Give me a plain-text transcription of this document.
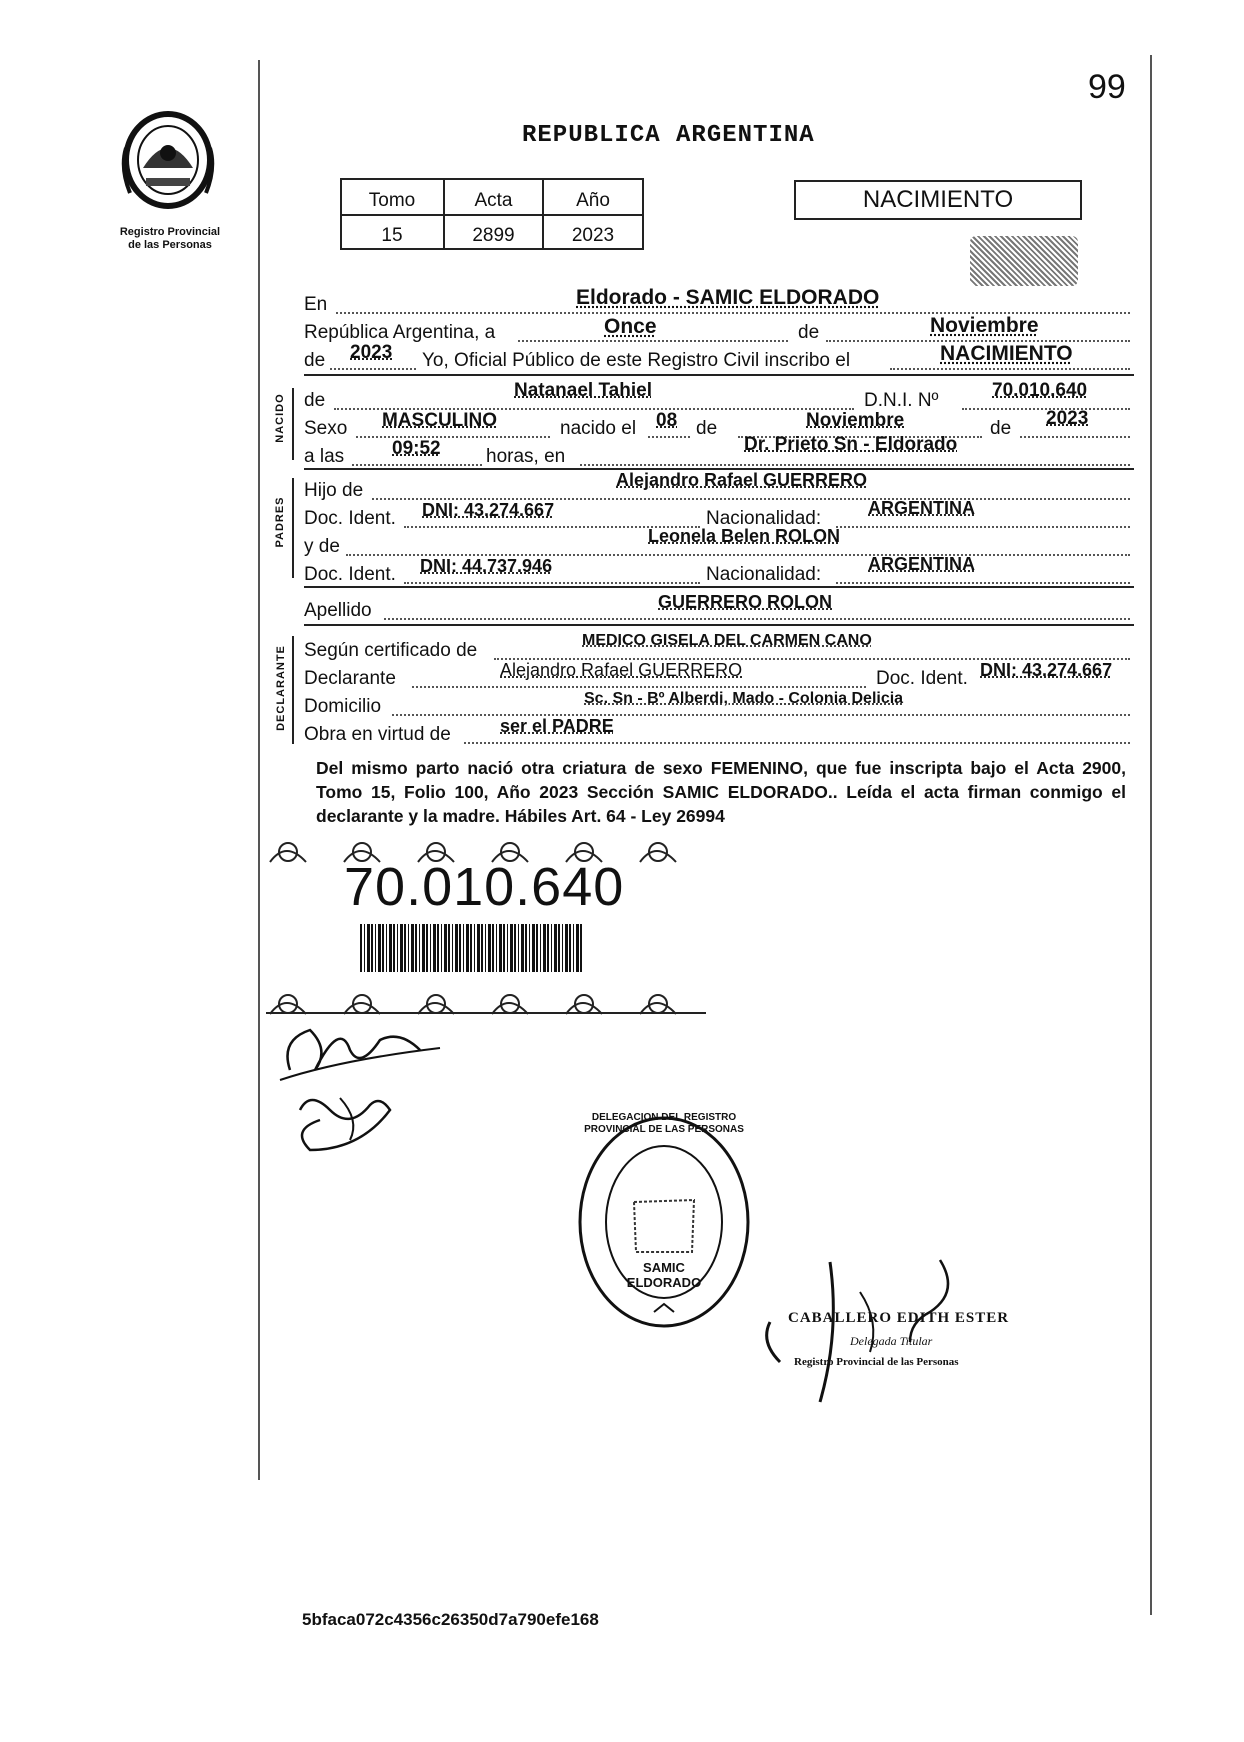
99
Registro Provincial
de las Personas
REPUBLICA ARGENTINA
Tomo	Acta	Año
15	2899	2023
NACIMIENTO
En	Eldorado - SAMIC ELDORADO
República Argentina, a	Once	de	Noviembre
de 2023 Yo, Oficial Público de este Registro Civil inscribo el	NACIMIENTO
NACIDO de	Natanael Tahiel	D.N.I. Nº	70.010.640
Sexo MASCULINO	nacido el 08 de	Noviembre	de 2023
a las	09:52 horas, en
Dr. Prieto Sn - Eldorado
PADRES
Hijo de	Alejandro Rafael GUERRERO
Doc. Ident. DNI: 43.274.667	Nacionalidad:	ARGENTINA
y de	Leonela Belen ROLON
Doc. Ident. DNI: 44.737.946	Nacionalidad:	ARGENTINA
Apellido	GUERRERO ROLON
DECLARANTE Según certificado de	MEDICO GISELA DEL CARMEN CANO
Declarante	Alejandro Rafael GUERRERO	Doc. Ident. DNI: 43.274.667
Domicilio	Sc. Sn - Bº Alberdi, Mado - Colonia Delicia
Obra en virtud de	ser el PADRE
Del mismo parto nació otra criatura de sexo FEMENINO, que fue inscripta bajo el Acta 2900, Tomo 15, Folio 100, Año 2023 Sección SAMIC ELDORADO.. Leída el acta firman conmigo el declarante y la madre. Hábiles Art. 64 - Ley 26994
70.010.640
DELEGACION DEL REGISTRO PROVINCIAL DE LAS PERSONAS
SAMIC ELDORADO
CABALLERO EDITH ESTER
Delegada Titular
Registro Provincial de las Personas
5bfaca072c4356c26350d7a790efe168
